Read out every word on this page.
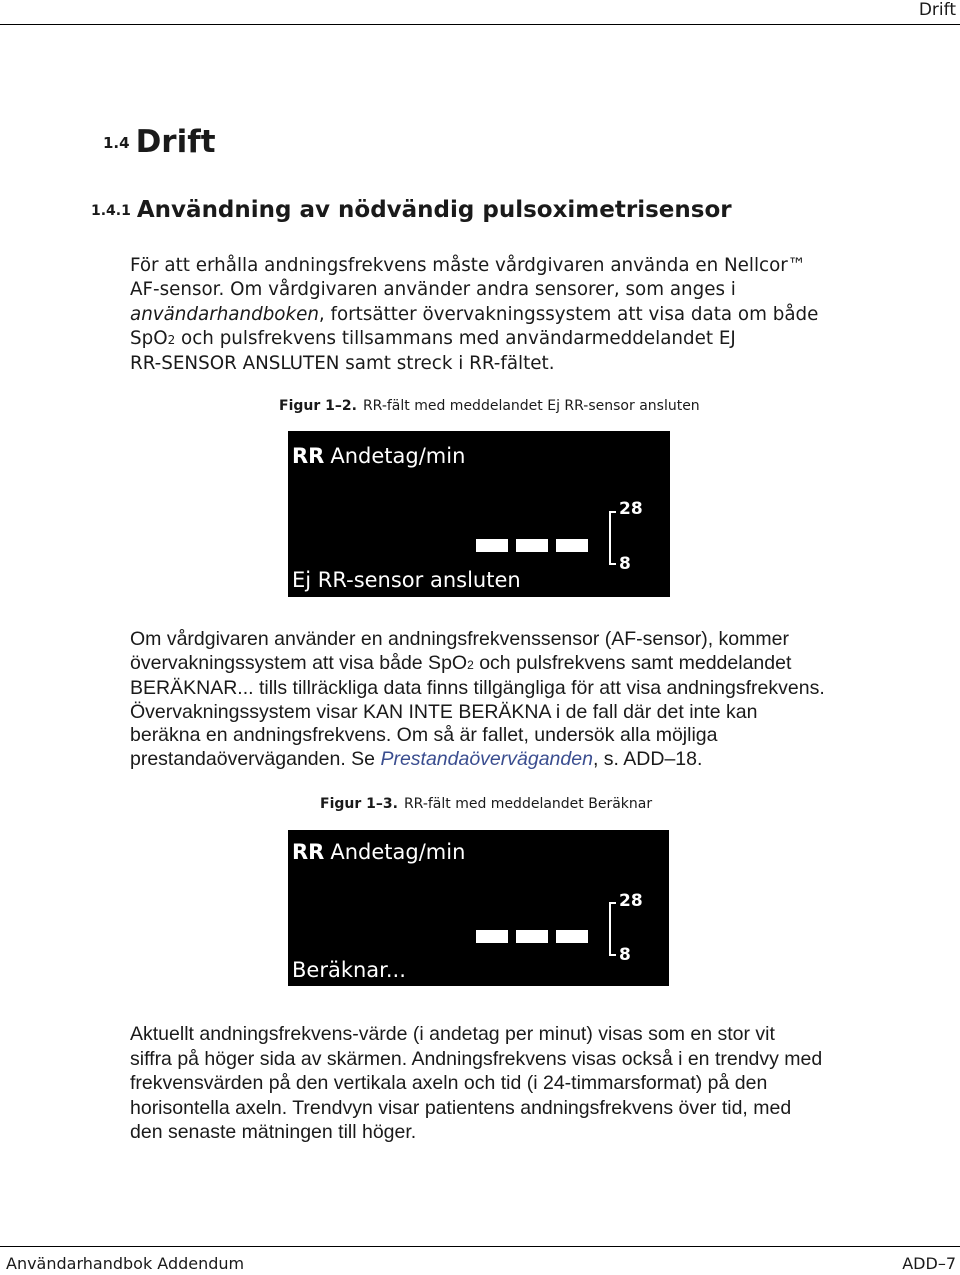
Drift
1.4 Drift
1.4.1 Användning av nödvändig pulsoximetrisensor
För att erhålla andningsfrekvens måste vårdgivaren använda en Nellcor™
AF-sensor. Om vårdgivaren använder andra sensorer, som anges i
användarhandboken, fortsätter övervakningssystem att visa data om både
SpO2 och pulsfrekvens tillsammans med användarmeddelandet EJ
RR-SENSOR ANSLUTEN samt streck i RR-fältet.
Figur 1–2. RR-fält med meddelandet Ej RR-sensor ansluten
RR Andetag/min
28
8
Ej RR-sensor ansluten
Om vårdgivaren använder en andningsfrekvenssensor (AF-sensor), kommer
övervakningssystem att visa både SpO2 och pulsfrekvens samt meddelandet
BERÄKNAR... tills tillräckliga data finns tillgängliga för att visa andningsfrekvens.
Övervakningssystem visar KAN INTE BERÄKNA i de fall där det inte kan
beräkna en andningsfrekvens. Om så är fallet, undersök alla möjliga
prestandaöverväganden. Se Prestandaöverväganden, s. ADD–18.
Figur 1–3. RR-fält med meddelandet Beräknar
RR Andetag/min
28
8
Beräknar...
Aktuellt andningsfrekvens-värde (i andetag per minut) visas som en stor vit
siffra på höger sida av skärmen. Andningsfrekvens visas också i en trendvy med
frekvensvärden på den vertikala axeln och tid (i 24-timmarsformat) på den
horisontella axeln. Trendvyn visar patientens andningsfrekvens över tid, med
den senaste mätningen till höger.
Användarhandbok Addendum	ADD–7
